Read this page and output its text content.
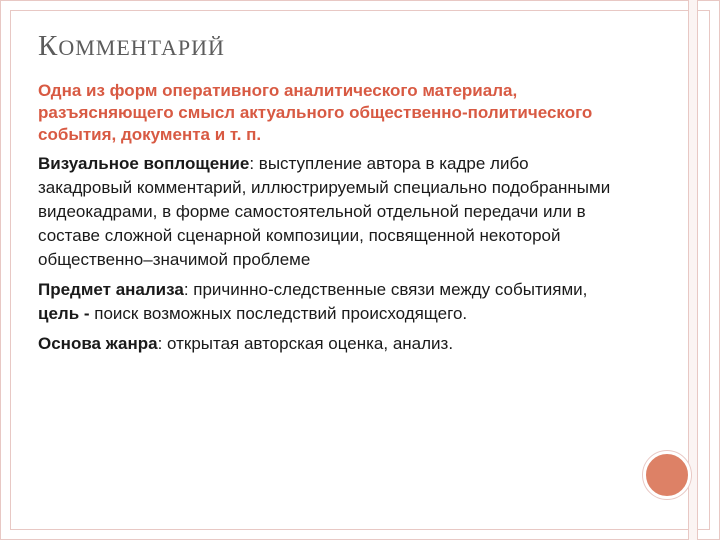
КОММЕНТАРИЙ

Одна из форм оперативного аналитического материала, разъясняющего смысл актуального общественно-политического события, документа и т. п.

Визуальное воплощение: выступление автора в кадре либо закадровый комментарий, иллюстрируемый специально подобранными видеокадрами, в форме самостоятельной отдельной передачи или в составе сложной сценарной композиции, посвященной некоторой общественно–значимой проблеме

Предмет анализа: причинно-следственные связи между событиями, цель - поиск возможных последствий происходящего.

Основа жанра: открытая авторская оценка, анализ.
